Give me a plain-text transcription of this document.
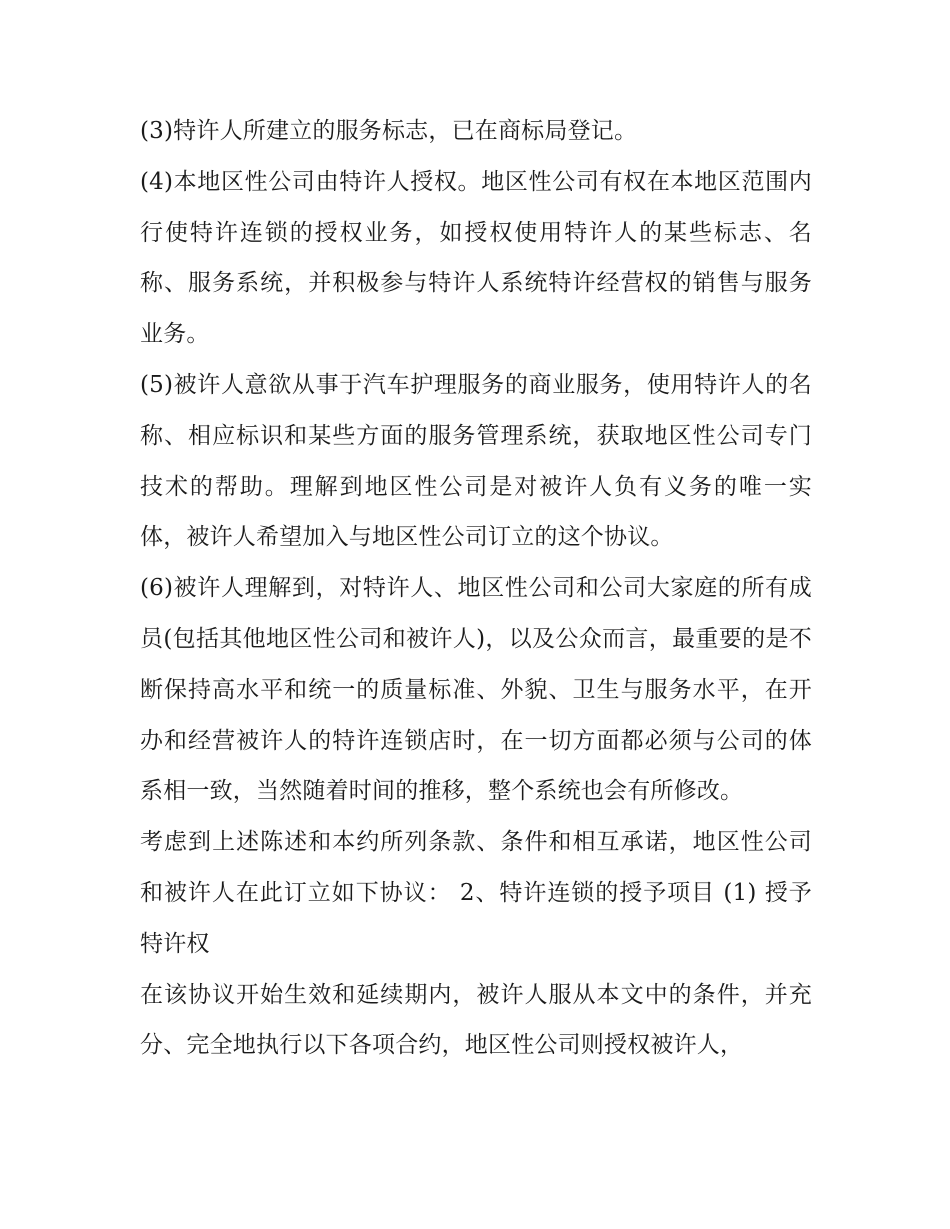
(3)特许人所建立的服务标志，已在商标局登记。

(4)本地区性公司由特许人授权。地区性公司有权在本地区范围内行使特许连锁的授权业务，如授权使用特许人的某些标志、名称、服务系统，并积极参与特许人系统特许经营权的销售与服务业务。

(5)被许人意欲从事于汽车护理服务的商业服务，使用特许人的名称、相应标识和某些方面的服务管理系统，获取地区性公司专门技术的帮助。理解到地区性公司是对被许人负有义务的唯一实体，被许人希望加入与地区性公司订立的这个协议。

(6)被许人理解到，对特许人、地区性公司和公司大家庭的所有成员(包括其他地区性公司和被许人)，以及公众而言，最重要的是不断保持高水平和统一的质量标准、外貌、卫生与服务水平，在开办和经营被许人的特许连锁店时，在一切方面都必须与公司的体系相一致，当然随着时间的推移，整个系统也会有所修改。

考虑到上述陈述和本约所列条款、条件和相互承诺，地区性公司和被许人在此订立如下协议： 2、特许连锁的授予项目 (1) 授予特许权

在该协议开始生效和延续期内，被许人服从本文中的条件，并充分、完全地执行以下各项合约，地区性公司则授权被许人，
